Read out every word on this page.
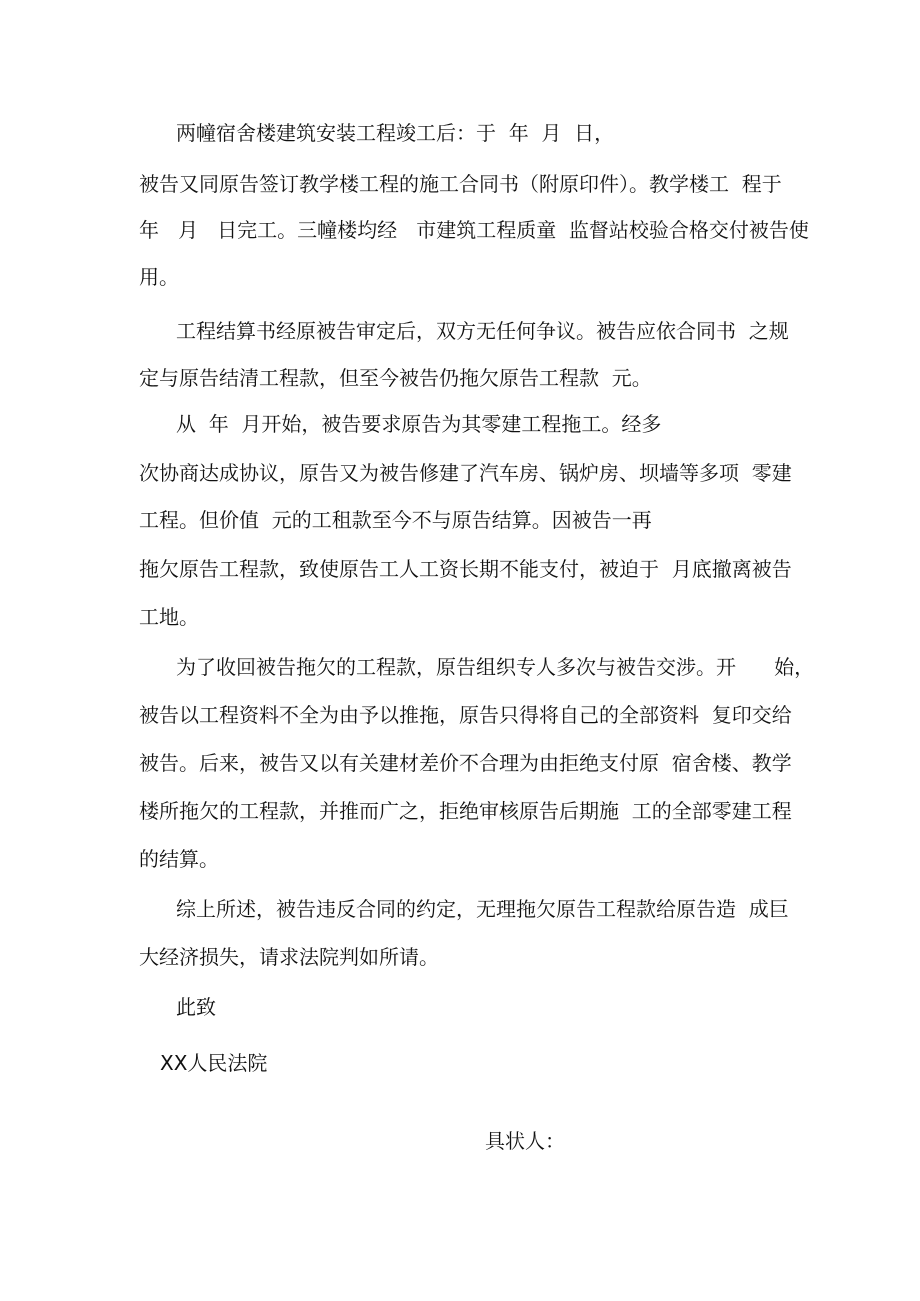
两幢宿舍楼建筑安装工程竣工后：于  年  月  日，
被告又同原告签订教学楼工程的施工合同书（附原印件）。教学楼工  程于
年   月   日完工。三幢楼均经   市建筑工程质童  监督站校验合格交付被告使
用。
工程结算书经原被告审定后，双方无任何争议。被告应依合同书  之规
定与原告结清工程款，但至今被告仍拖欠原告工程款  元。
从  年  月开始，被告要求原告为其零建工程拖工。经多
次协商达成协议，原告又为被告修建了汽车房、锅炉房、坝墙等多项  零建
工程。但价值  元的工租款至今不与原告结算。因被告一再
拖欠原告工程款，致使原告工人工资长期不能支付，被迫于  月底撤离被告
工地。
为了收回被告拖欠的工程款，原告组织专人多次与被告交涉。开      始，
被告以工程资料不全为由予以推拖，原告只得将自己的全部资料  复印交给
被告。后来，被告又以有关建材差价不合理为由拒绝支付原  宿舍楼、教学
楼所拖欠的工程款，并推而广之，拒绝审核原告后期施  工的全部零建工程
的结算。
综上所述，被告违反合同的约定，无理拖欠原告工程款给原告造  成巨
大经济损失，请求法院判如所请。
此致
XX人民法院
具状人：
